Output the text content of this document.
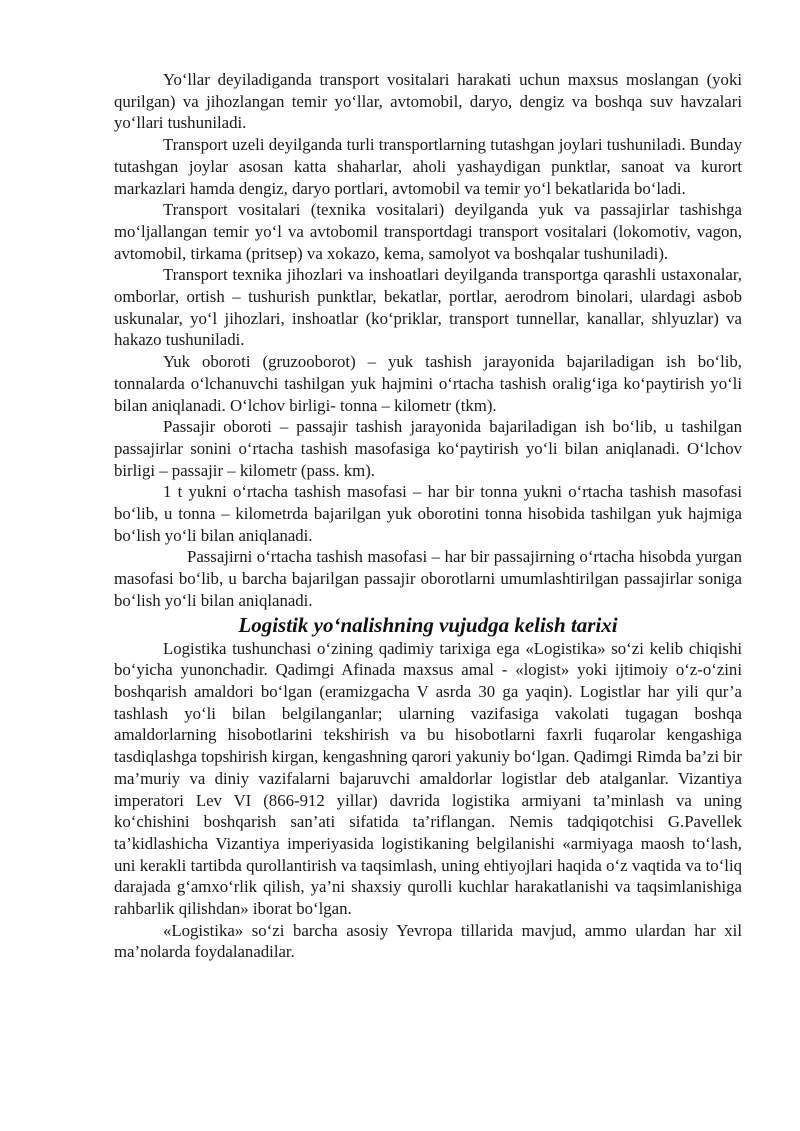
Yo‘llar deyiladiganda transport vositalari harakati uchun maxsus moslangan (yoki qurilgan) va jihozlangan temir yo‘llar, avtomobil, daryo, dengiz va boshqa suv havzalari yo‘llari tushuniladi.

Transport uzeli deyilganda turli transportlarning tutashgan joylari tushuniladi. Bunday tutashgan joylar asosan katta shaharlar, aholi yashaydigan punktlar, sanoat va kurort markazlari hamda dengiz, daryo portlari, avtomobil va temir yo‘l bekatlarida bo‘ladi.

Transport vositalari (texnika vositalari) deyilganda yuk va passajirlar tashishga mo‘ljallangan temir yo‘l va avtobomil transportdagi transport vositalari (lokomotiv, vagon, avtomobil, tirkama (pritsep) va xokazo, kema, samolyot va boshqalar tushuniladi).

Transport texnika jihozlari va inshoatlari deyilganda transportga qarashli ustaxonalar, omborlar, ortish – tushurish punktlar, bekatlar, portlar, aerodrom binolari, ulardagi asbob uskunalar, yo‘l jihozlari, inshoatlar (ko‘priklar, transport tunnellar, kanallar, shlyuzlar) va hakazo tushuniladi.

Yuk oboroti (gruzooborot) – yuk tashish jarayonida bajariladigan ish bo‘lib, tonnalarda o‘lchanuvchi tashilgan yuk hajmini o‘rtacha tashish oralig‘iga ko‘paytirish yo‘li bilan aniqlanadi. O‘lchov birligi- tonna – kilometr (tkm).

Passajir oboroti – passajir tashish jarayonida bajariladigan ish bo‘lib, u tashilgan passajirlar sonini o‘rtacha tashish masofasiga ko‘paytirish yo‘li bilan aniqlanadi. O‘lchov birligi – passajir – kilometr (pass. km).

1 t yukni o‘rtacha tashish masofasi – har bir tonna yukni o‘rtacha tashish masofasi bo‘lib, u tonna – kilometrda bajarilgan yuk oborotini tonna hisobida tashilgan yuk hajmiga bo‘lish yo‘li bilan aniqlanadi.

Passajirni o‘rtacha tashish masofasi – har bir passajirning o‘rtacha hisobda yurgan masofasi bo‘lib, u barcha bajarilgan passajir oborotlarni umumlashtirilgan passajirlar soniga bo‘lish yo‘li bilan aniqlanadi.

Logistik yo‘nalishning vujudga kelish tarixi

Logistika tushunchasi o‘zining qadimiy tarixiga ega «Logistika» so‘zi kelib chiqishi bo‘yicha yunonchadir. Qadimgi Afinada maxsus amal - «logist» yoki ijtimoiy o‘z-o‘zini boshqarish amaldori bo‘lgan (eramizgacha V asrda 30 ga yaqin). Logistlar har yili qur’a tashlash yo‘li bilan belgilanganlar; ularning vazifasiga vakolati tugagan boshqa amaldorlarning hisobotlarini tekshirish va bu hisobotlarni faxrli fuqarolar kengashiga tasdiqlashga topshirish kirgan, kengashning qarori yakuniy bo‘lgan. Qadimgi Rimda ba’zi bir ma’muriy va diniy vazifalarni bajaruvchi amaldorlar logistlar deb atalganlar. Vizantiya imperatori Lev VI (866-912 yillar) davrida logistika armiyani ta’minlash va uning ko‘chishini boshqarish san’ati sifatida ta’riflangan. Nemis tadqiqotchisi G.Pavellek ta’kidlashicha Vizantiya imperiyasida logistikaning belgilanishi «armiyaga maosh to‘lash, uni kerakli tartibda qurollantirish va taqsimlash, uning ehtiyojlari haqida o‘z vaqtida va to‘liq darajada g‘amxo‘rlik qilish, ya’ni shaxsiy qurolli kuchlar harakatlanishi va taqsimlanishiga rahbarlik qilishdan» iborat bo‘lgan.

«Logistika» so‘zi barcha asosiy Yevropa tillarida mavjud, ammo ulardan har xil ma’nolarda foydalanadilar.
